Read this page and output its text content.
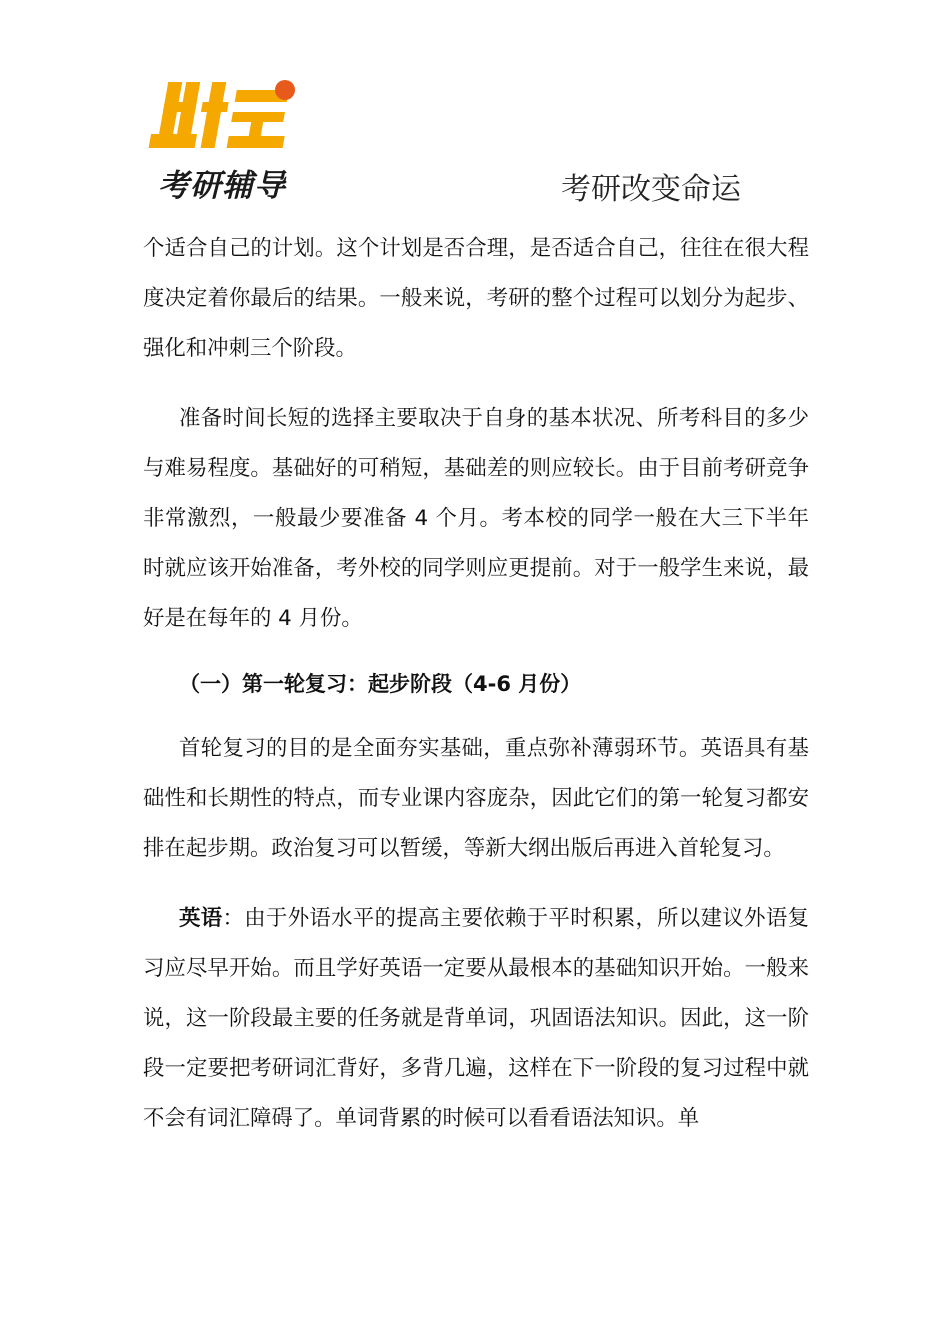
考研辅导	考研改变命运

个适合自己的计划。这个计划是否合理，是否适合自己，往往在很大程度决定着你最后的结果。一般来说，考研的整个过程可以划分为起步、强化和冲刺三个阶段。

准备时间长短的选择主要取决于自身的基本状况、所考科目的多少与难易程度。基础好的可稍短，基础差的则应较长。由于目前考研竞争非常激烈，一般最少要准备 4 个月。考本校的同学一般在大三下半年时就应该开始准备，考外校的同学则应更提前。对于一般学生来说，最好是在每年的 4 月份。

（一）第一轮复习：起步阶段（4-6 月份）

首轮复习的目的是全面夯实基础，重点弥补薄弱环节。英语具有基础性和长期性的特点，而专业课内容庞杂，因此它们的第一轮复习都安排在起步期。政治复习可以暂缓，等新大纲出版后再进入首轮复习。

英语：由于外语水平的提高主要依赖于平时积累，所以建议外语复习应尽早开始。而且学好英语一定要从最根本的基础知识开始。一般来说，这一阶段最主要的任务就是背单词，巩固语法知识。因此，这一阶段一定要把考研词汇背好，多背几遍，这样在下一阶段的复习过程中就不会有词汇障碍了。单词背累的时候可以看看语法知识。单
